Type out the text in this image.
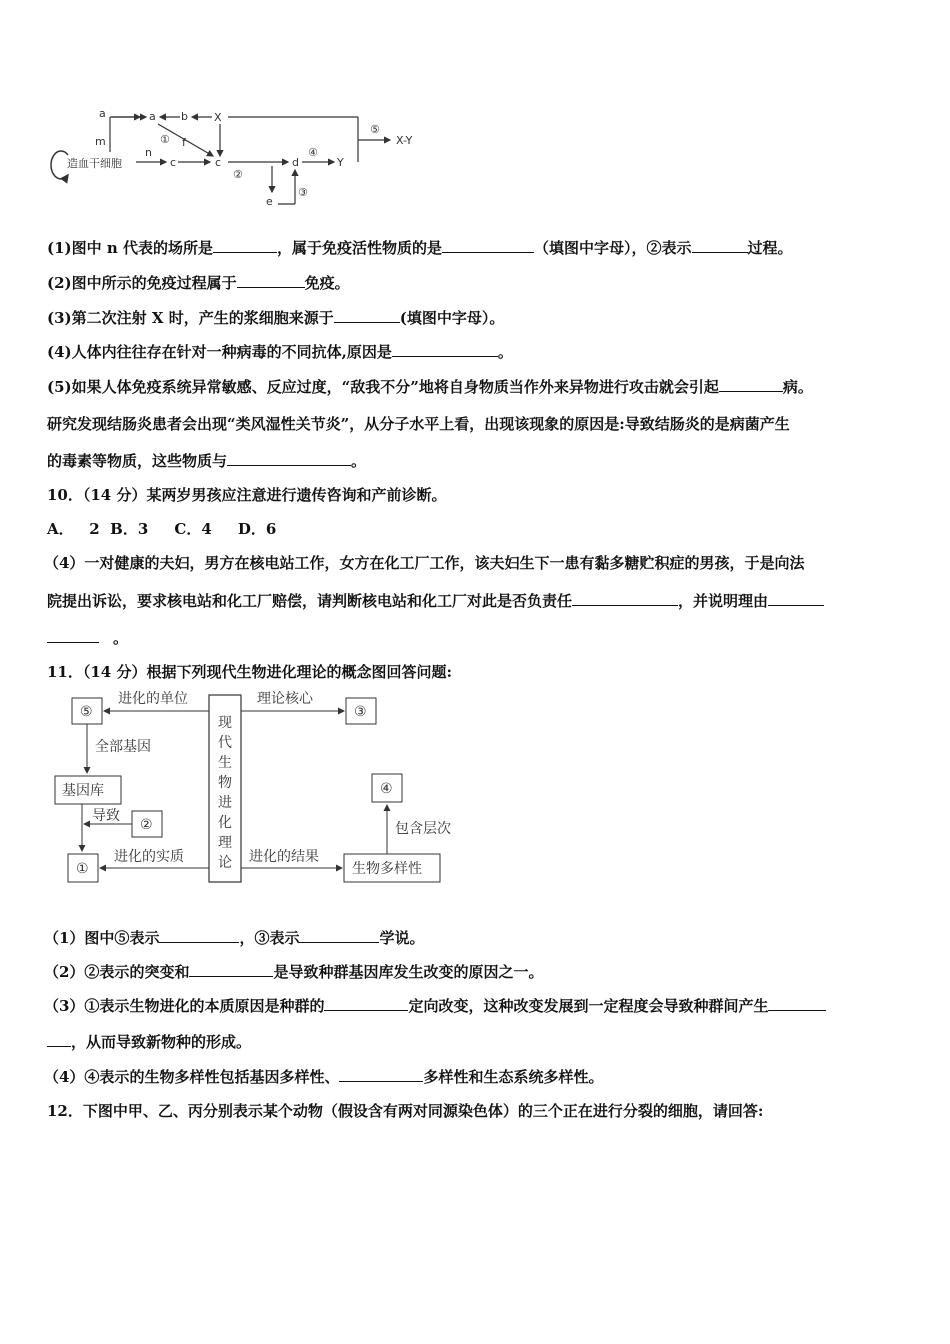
造血干细胞
m
a	a b X
⑤
X-Y
① f
n
c	c
②
d
④
Y
e
③
(1)图中 n 代表的场所是	，属于免疫活性物质的是	（填图中字母），②表示	过程。
(2)图中所示的免疫过程属于	免疫。
(3)第二次注射 X 时，产生的浆细胞来源于	(填图中字母）。
(4)人体内往往存在针对一种病毒的不同抗体,原因是	。
(5)如果人体免疫系统异常敏感、反应过度，“敌我不分”地将自身物质当作外来异物进行攻击就会引起	病。
研究发现结肠炎患者会出现“类风湿性关节炎”，从分子水平上看，出现该现象的原因是:导致结肠炎的是病菌产生
的毒素等物质，这些物质与	。
10．（14 分）某两岁男孩应注意进行遗传咨询和产前诊断。
A．   2  B．3     C．4     D．6
（4）一对健康的夫妇，男方在核电站工作，女方在化工厂工作，该夫妇生下一患有黏多糖贮积症的男孩，于是向法
院提出诉讼，要求核电站和化工厂赔偿，请判断核电站和化工厂对此是否负责任	，并说明理由
。
11．（14 分）根据下列现代生物进化理论的概念图回答问题:
现
代
生
物
进
化
理
论
⑤
进化的单位
③
理论核心
全部基因
基因库
②
导致
①
进化的实质
生物多样性
进化的结果
包含层次
④
（1）图中⑤表示	，③表示	学说。
（2）②表示的突变和	是导致种群基因库发生改变的原因之一。
（3）①表示生物进化的本质原因是种群的	定向改变，这种改变发展到一定程度会导致种群间产生
，从而导致新物种的形成。
（4）④表示的生物多样性包括基因多样性、	多样性和生态系统多样性。
12．下图中甲、乙、丙分别表示某个动物（假设含有两对同源染色体）的三个正在进行分裂的细胞，请回答:
